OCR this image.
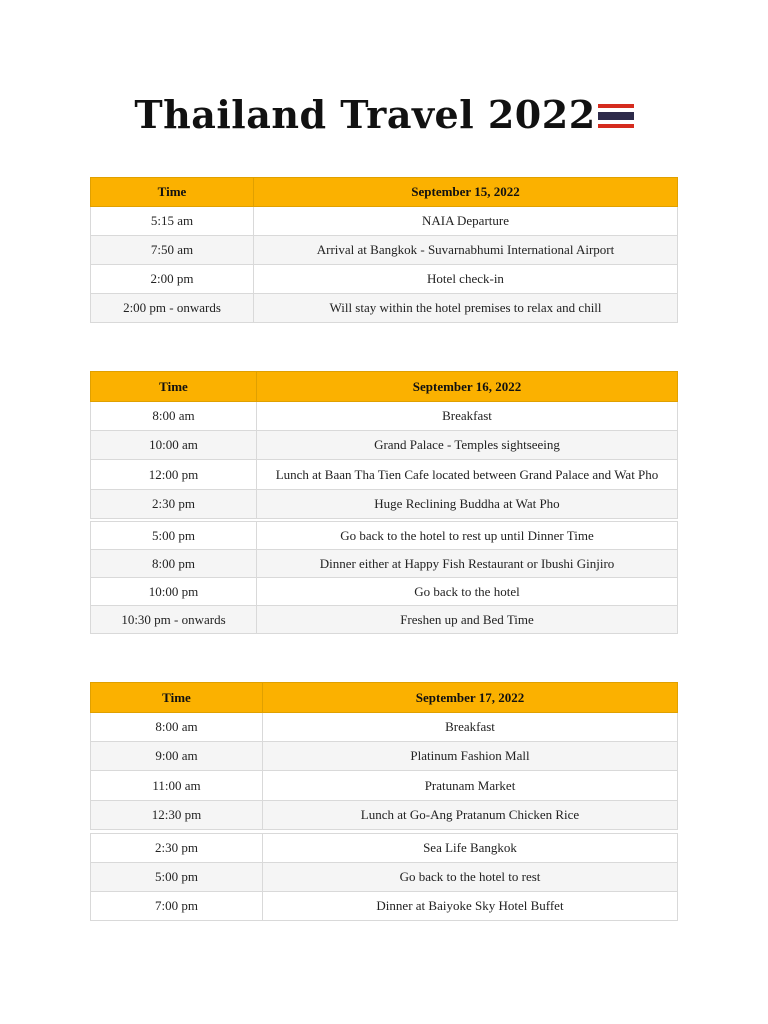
Thailand Travel 2022
Time	September 15, 2022
5:15 am	NAIA Departure
7:50 am	Arrival at Bangkok - Suvarnabhumi International Airport
2:00 pm	Hotel check-in
2:00 pm - onwards	Will stay within the hotel premises to relax and chill
Time	September 16, 2022
8:00 am	Breakfast
10:00 am	Grand Palace - Temples sightseeing
12:00 pm	Lunch at Baan Tha Tien Cafe located between Grand Palace and Wat Pho
2:30 pm	Huge Reclining Buddha at Wat Pho
5:00 pm	Go back to the hotel to rest up until Dinner Time
8:00 pm	Dinner either at Happy Fish Restaurant or Ibushi Ginjiro
10:00 pm	Go back to the hotel
10:30 pm - onwards	Freshen up and Bed Time
Time	September 17, 2022
8:00 am	Breakfast
9:00 am	Platinum Fashion Mall
11:00 am	Pratunam Market
12:30 pm	Lunch at Go-Ang Pratanum Chicken Rice
2:30 pm	Sea Life Bangkok
5:00 pm	Go back to the hotel to rest
7:00 pm	Dinner at Baiyoke Sky Hotel Buffet
